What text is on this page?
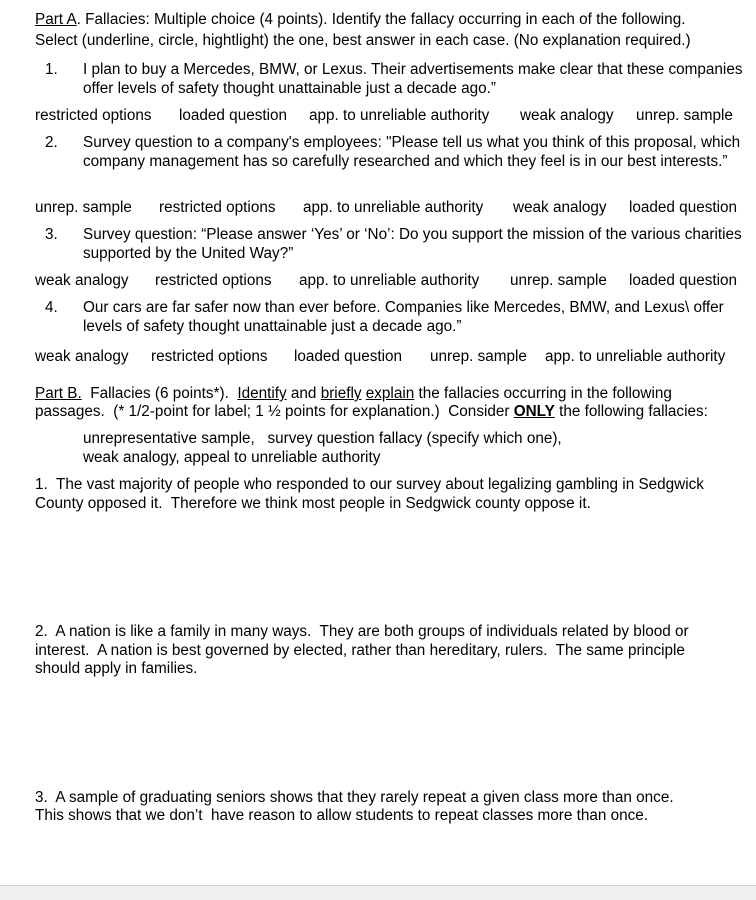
Part A. Fallacies: Multiple choice (4 points). Identify the fallacy occurring in each of the following.
Select (underline, circle, hightlight) the one, best answer in each case. (No explanation required.)
1. I plan to buy a Mercedes, BMW, or Lexus. Their advertisements make clear that these companies offer levels of safety thought unattainable just a decade ago.”
restricted options loaded question app. to unreliable authority weak analogy unrep. sample
2. Survey question to a company's employees: "Please tell us what you think of this proposal, which company management has so carefully researched and which they feel is in our best interests.”
unrep. sample restricted options app. to unreliable authority weak analogy loaded question
3. Survey question: “Please answer ‘Yes’ or ‘No’: Do you support the mission of the various charities supported by the United Way?”
weak analogy restricted options app. to unreliable authority unrep. sample loaded question
4. Our cars are far safer now than ever before. Companies like Mercedes, BMW, and Lexus\ offer levels of safety thought unattainable just a decade ago.”
weak analogy restricted options loaded question unrep. sample app. to unreliable authority
Part B.  Fallacies (6 points*).  Identify and briefly explain the fallacies occurring in the following
passages.  (* 1/2-point for label; 1 ½ points for explanation.)  Consider ONLY the following fallacies:
unrepresentative sample,   survey question fallacy (specify which one),
weak analogy, appeal to unreliable authority
1.  The vast majority of people who responded to our survey about legalizing gambling in Sedgwick
County opposed it.  Therefore we think most people in Sedgwick county oppose it.
2.  A nation is like a family in many ways.  They are both groups of individuals related by blood or
interest.  A nation is best governed by elected, rather than hereditary, rulers.  The same principle
should apply in families.
3.  A sample of graduating seniors shows that they rarely repeat a given class more than once.
This shows that we don’t  have reason to allow students to repeat classes more than once.
